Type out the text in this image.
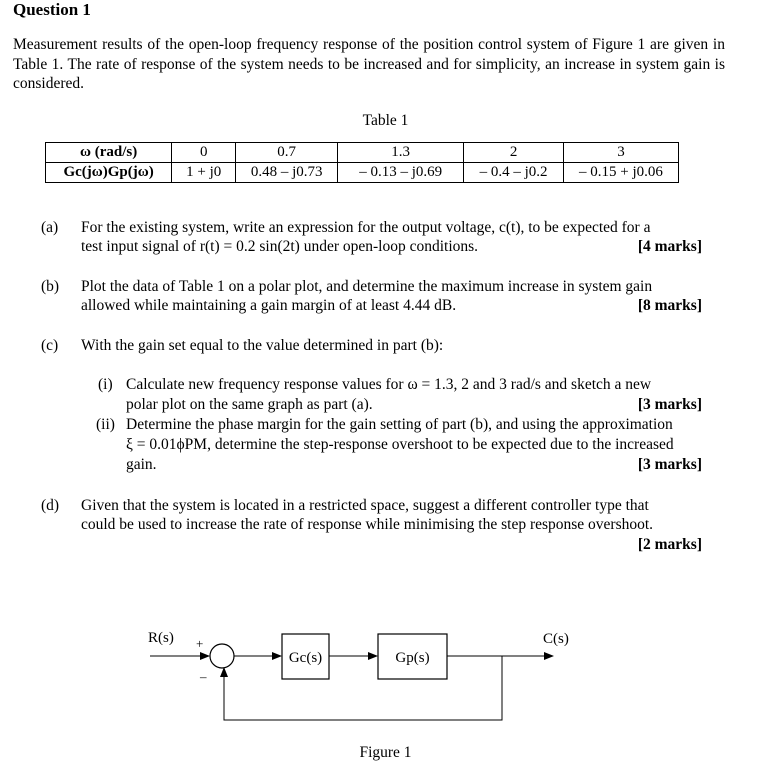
Question 1
Measurement results of the open-loop frequency response of the position control system of Figure 1 are given in Table 1. The rate of response of the system needs to be increased and for simplicity, an increase in system gain is considered.
Table 1
ω (rad/s)	0	0.7	1.3	2	3
Gc(jω)Gp(jω)	1 + j0	0.48 – j0.73	– 0.13 – j0.69	– 0.4 – j0.2	– 0.15 + j0.06
(a) For the existing system, write an expression for the output voltage, c(t), to be expected for a
test input signal of r(t) = 0.2 sin(2t) under open-loop conditions.	[4 marks]
(b) Plot the data of Table 1 on a polar plot, and determine the maximum increase in system gain
allowed while maintaining a gain margin of at least 4.44 dB.	[8 marks]
(c) With the gain set equal to the value determined in part (b):
(i) Calculate new frequency response values for ω = 1.3, 2 and 3 rad/s and sketch a new
polar plot on the same graph as part (a).	[3 marks]
(ii) Determine the phase margin for the gain setting of part (b), and using the approximation
ξ = 0.01ϕPM, determine the step-response overshoot to be expected due to the increased
gain.	[3 marks]
(d) Given that the system is located in a restricted space, suggest a different controller type that
could be used to increase the rate of response while minimising the step response overshoot.
[2 marks]
R(s) +
–
Gc(s)	Gp(s)
C(s)
Figure 1
